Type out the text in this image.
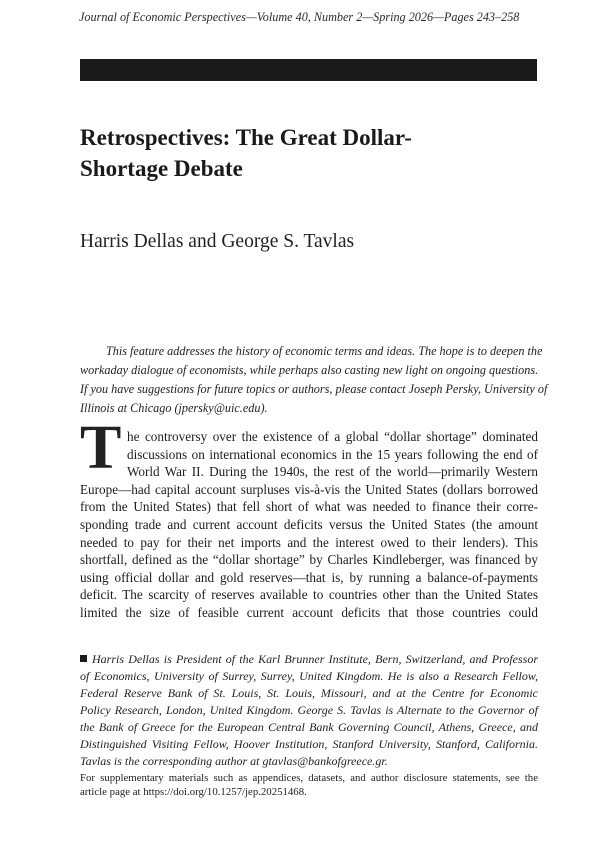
Journal of Economic Perspectives—Volume 40, Number 2—Spring 2026—Pages 243–258
Retrospectives: The Great Dollar-
Shortage Debate
Harris Dellas and George S. Tavlas
This feature addresses the history of economic terms and ideas. The hope is to deepen the
workaday dialogue of economists, while perhaps also casting new light on ongoing questions.
If you have suggestions for future topics or authors, please contact Joseph Persky, University of
Illinois at Chicago (jpersky@uic.edu).
T he controversy over the existence of a global “dollar shortage” dominated
discussions on international economics in the 15 years following the end of
World War II. During the 1940s, the rest of the world—primarily Western
Europe—had capital account surpluses vis-à-vis the United States (dollars borrowed
from the United States) that fell short of what was needed to finance their corre-
sponding trade and current account deficits versus the United States (the amount
needed to pay for their net imports and the interest owed to their lenders). This
shortfall, defined as the “dollar shortage” by Charles Kindleberger, was financed by
using official dollar and gold reserves—that is, by running a balance-of-payments
deficit. The scarcity of reserves available to countries other than the United States
limited the size of feasible current account deficits that those countries could
Harris Dellas is President of the Karl Brunner Institute, Bern, Switzerland, and Professor
of Economics, University of Surrey, Surrey, United Kingdom. He is also a Research Fellow,
Federal Reserve Bank of St. Louis, St. Louis, Missouri, and at the Centre for Economic
Policy Research, London, United Kingdom. George S. Tavlas is Alternate to the Governor of
the Bank of Greece for the European Central Bank Governing Council, Athens, Greece, and
Distinguished Visiting Fellow, Hoover Institution, Stanford University, Stanford, California.
Tavlas is the corresponding author at gtavlas@bankofgreece.gr.
For supplementary materials such as appendices, datasets, and author disclosure statements, see the
article page at https://doi.org/10.1257/jep.20251468.
